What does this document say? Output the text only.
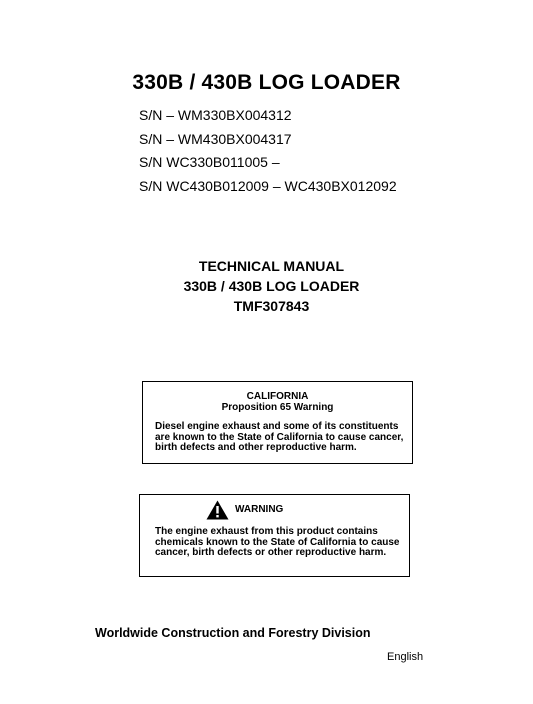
330B / 430B LOG LOADER
S/N – WM330BX004312
S/N – WM430BX004317
S/N WC330B011005 –
S/N WC430B012009 – WC430BX012092
TECHNICAL MANUAL
330B / 430B LOG LOADER
TMF307843
CALIFORNIA
Proposition 65 Warning
Diesel engine exhaust and some of its constituents
are known to the State of California to cause cancer,
birth defects and other reproductive harm.
WARNING
The engine exhaust from this product contains
chemicals known to the State of California to cause
cancer, birth defects or other reproductive harm.
Worldwide Construction and Forestry Division
English
